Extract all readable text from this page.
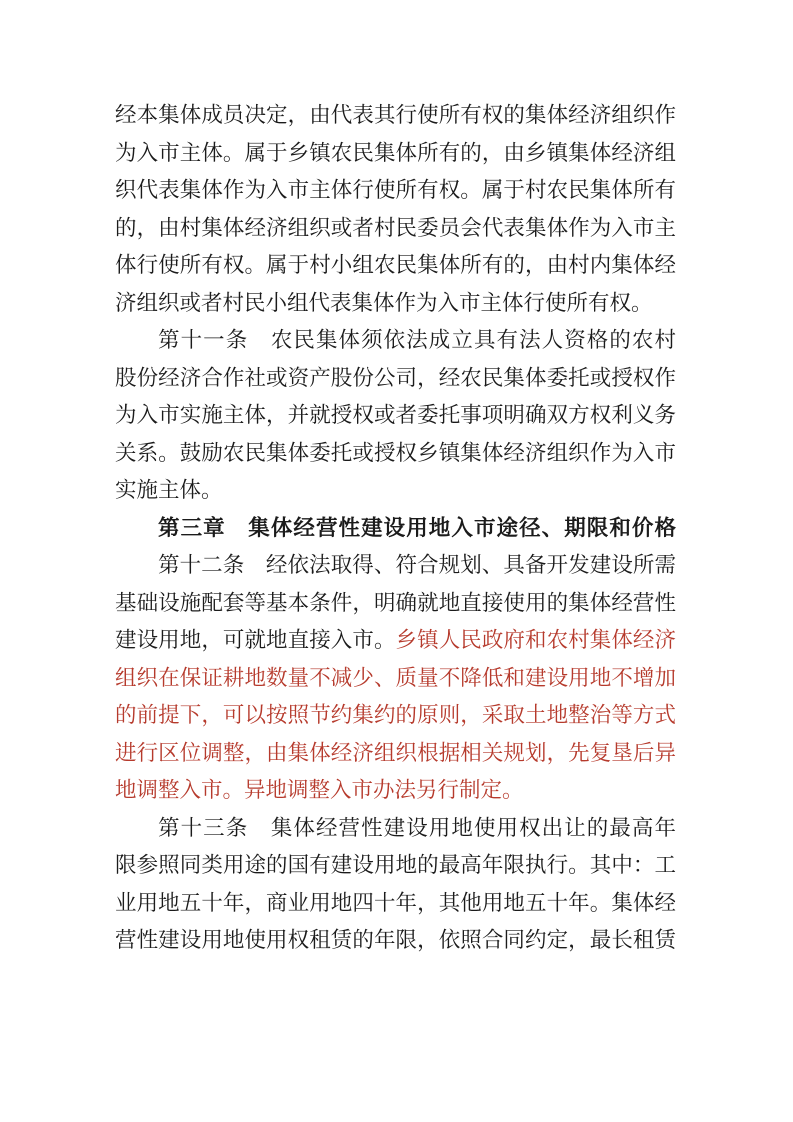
经本集体成员决定，由代表其行使所有权的集体经济组织作
为入市主体。属于乡镇农民集体所有的，由乡镇集体经济组
织代表集体作为入市主体行使所有权。属于村农民集体所有
的，由村集体经济组织或者村民委员会代表集体作为入市主
体行使所有权。属于村小组农民集体所有的，由村内集体经
济组织或者村民小组代表集体作为入市主体行使所有权。
第十一条　农民集体须依法成立具有法人资格的农村
股份经济合作社或资产股份公司，经农民集体委托或授权作
为入市实施主体，并就授权或者委托事项明确双方权利义务
关系。鼓励农民集体委托或授权乡镇集体经济组织作为入市
实施主体。
第三章　集体经营性建设用地入市途径、期限和价格
第十二条　经依法取得、符合规划、具备开发建设所需
基础设施配套等基本条件，明确就地直接使用的集体经营性
建设用地，可就地直接入市。乡镇人民政府和农村集体经济
组织在保证耕地数量不减少、质量不降低和建设用地不增加
的前提下，可以按照节约集约的原则，采取土地整治等方式
进行区位调整，由集体经济组织根据相关规划，先复垦后异
地调整入市。异地调整入市办法另行制定。
第十三条　集体经营性建设用地使用权出让的最高年
限参照同类用途的国有建设用地的最高年限执行。其中：工
业用地五十年，商业用地四十年，其他用地五十年。集体经
营性建设用地使用权租赁的年限，依照合同约定，最长租赁
